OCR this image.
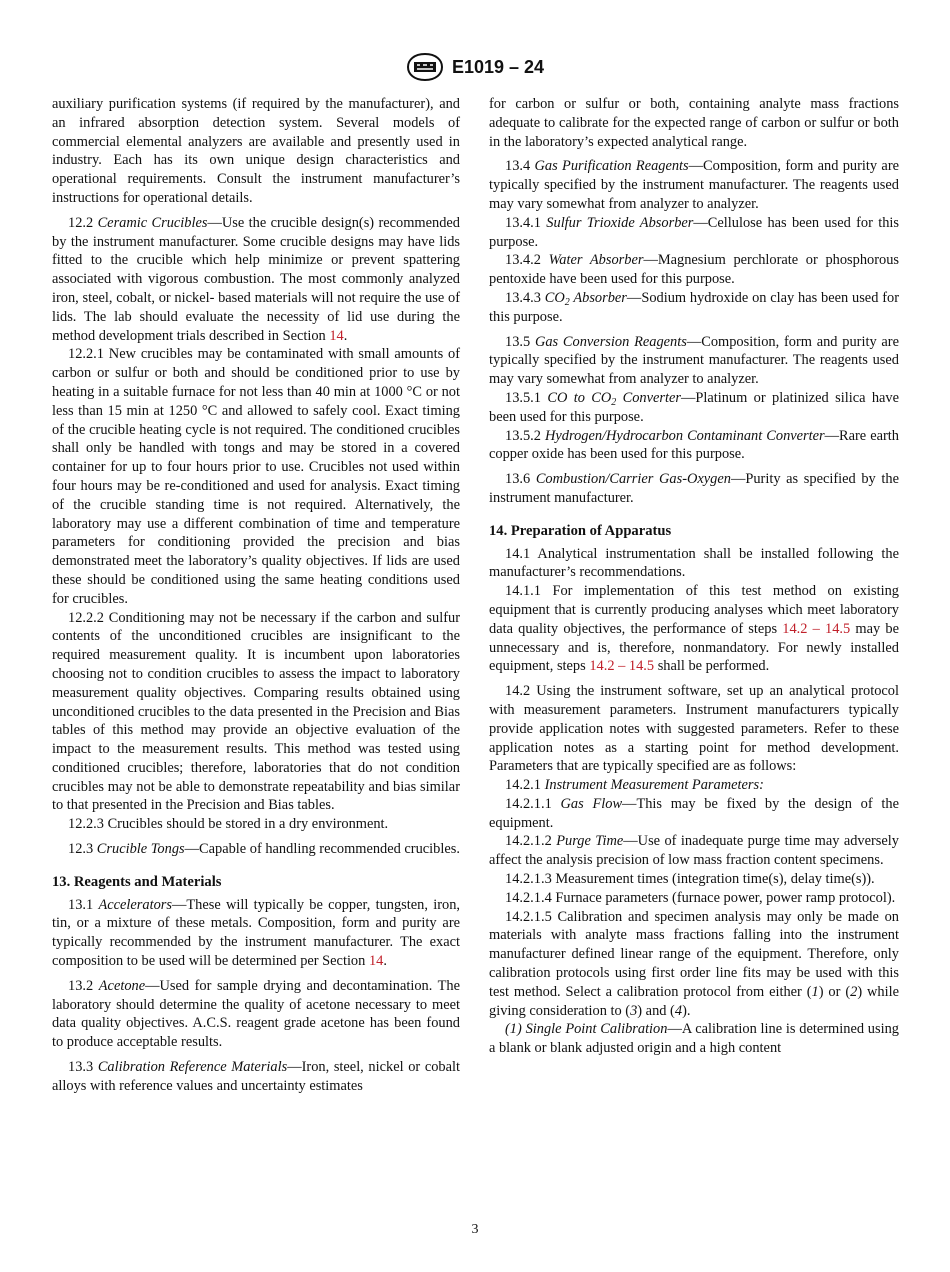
E1019 – 24

auxiliary purification systems (if required by the manufacturer), and an infrared absorption detection system. Several models of commercial elemental analyzers are available and presently used in industry. Each has its own unique design characteristics and operational requirements. Consult the instrument manufacturer’s instructions for operational details.

12.2 Ceramic Crucibles—Use the crucible design(s) recommended by the instrument manufacturer. Some crucible designs may have lids fitted to the crucible which help minimize or prevent spattering associated with vigorous combustion. The most commonly analyzed iron, steel, cobalt, or nickel- based materials will not require the use of lids. The lab should evaluate the necessity of lid use during the method development trials described in Section 14.

12.2.1 New crucibles may be contaminated with small amounts of carbon or sulfur or both and should be conditioned prior to use by heating in a suitable furnace for not less than 40 min at 1000 °C or not less than 15 min at 1250 °C and allowed to safely cool. Exact timing of the crucible heating cycle is not required. The conditioned crucibles shall only be handled with tongs and may be stored in a covered container for up to four hours prior to use. Crucibles not used within four hours may be re-conditioned and used for analysis. Exact timing of the crucible standing time is not required. Alternatively, the laboratory may use a different combination of time and temperature parameters for conditioning provided the precision and bias demonstrated meet the laboratory’s quality objectives. If lids are used these should be conditioned using the same heating conditions used for crucibles.

12.2.2 Conditioning may not be necessary if the carbon and sulfur contents of the unconditioned crucibles are insignificant to the required measurement quality. It is incumbent upon laboratories choosing not to condition crucibles to assess the impact to laboratory measurement quality objectives. Comparing results obtained using unconditioned crucibles to the data presented in the Precision and Bias tables of this method may provide an objective evaluation of the impact to the measurement results. This method was tested using conditioned crucibles; therefore, laboratories that do not condition crucibles may not be able to demonstrate repeatability and bias similar to that presented in the Precision and Bias tables.

12.2.3 Crucibles should be stored in a dry environment.

12.3 Crucible Tongs—Capable of handling recommended crucibles.

13. Reagents and Materials

13.1 Accelerators—These will typically be copper, tungsten, iron, tin, or a mixture of these metals. Composition, form and purity are typically recommended by the instrument manufacturer. The exact composition to be used will be determined per Section 14.

13.2 Acetone—Used for sample drying and decontamination. The laboratory should determine the quality of acetone necessary to meet data quality objectives. A.C.S. reagent grade acetone has been found to produce acceptable results.

13.3 Calibration Reference Materials—Iron, steel, nickel or cobalt alloys with reference values and uncertainty estimates

for carbon or sulfur or both, containing analyte mass fractions adequate to calibrate for the expected range of carbon or sulfur or both in the laboratory’s expected analytical range.

13.4 Gas Purification Reagents—Composition, form and purity are typically specified by the instrument manufacturer. The reagents used may vary somewhat from analyzer to analyzer.

13.4.1 Sulfur Trioxide Absorber—Cellulose has been used for this purpose.

13.4.2 Water Absorber—Magnesium perchlorate or phosphorous pentoxide have been used for this purpose.

13.4.3 $CO_2$ Absorber—Sodium hydroxide on clay has been used for this purpose.

13.5 Gas Conversion Reagents—Composition, form and purity are typically specified by the instrument manufacturer. The reagents used may vary somewhat from analyzer to analyzer.

13.5.1 CO to $CO_2$ Converter—Platinum or platinized silica have been used for this purpose.

13.5.2 Hydrogen/Hydrocarbon Contaminant Converter—Rare earth copper oxide has been used for this purpose.

13.6 Combustion/Carrier Gas-Oxygen—Purity as specified by the instrument manufacturer.

14. Preparation of Apparatus

14.1 Analytical instrumentation shall be installed following the manufacturer’s recommendations.

14.1.1 For implementation of this test method on existing equipment that is currently producing analyses which meet laboratory data quality objectives, the performance of steps 14.2 – 14.5 may be unnecessary and is, therefore, nonmandatory. For newly installed equipment, steps 14.2 – 14.5 shall be performed.

14.2 Using the instrument software, set up an analytical protocol with measurement parameters. Instrument manufacturers typically provide application notes with suggested parameters. Refer to these application notes as a starting point for method development. Parameters that are typically specified are as follows:

14.2.1 Instrument Measurement Parameters:

14.2.1.1 Gas Flow—This may be fixed by the design of the equipment.

14.2.1.2 Purge Time—Use of inadequate purge time may adversely affect the analysis precision of low mass fraction content specimens.

14.2.1.3 Measurement times (integration time(s), delay time(s)).

14.2.1.4 Furnace parameters (furnace power, power ramp protocol).

14.2.1.5 Calibration and specimen analysis may only be made on materials with analyte mass fractions falling into the instrument manufacturer defined linear range of the equipment. Therefore, only calibration protocols using first order line fits may be used with this test method. Select a calibration protocol from either (1) or (2) while giving consideration to (3) and (4).

(1) Single Point Calibration—A calibration line is determined using a blank or blank adjusted origin and a high content

3
